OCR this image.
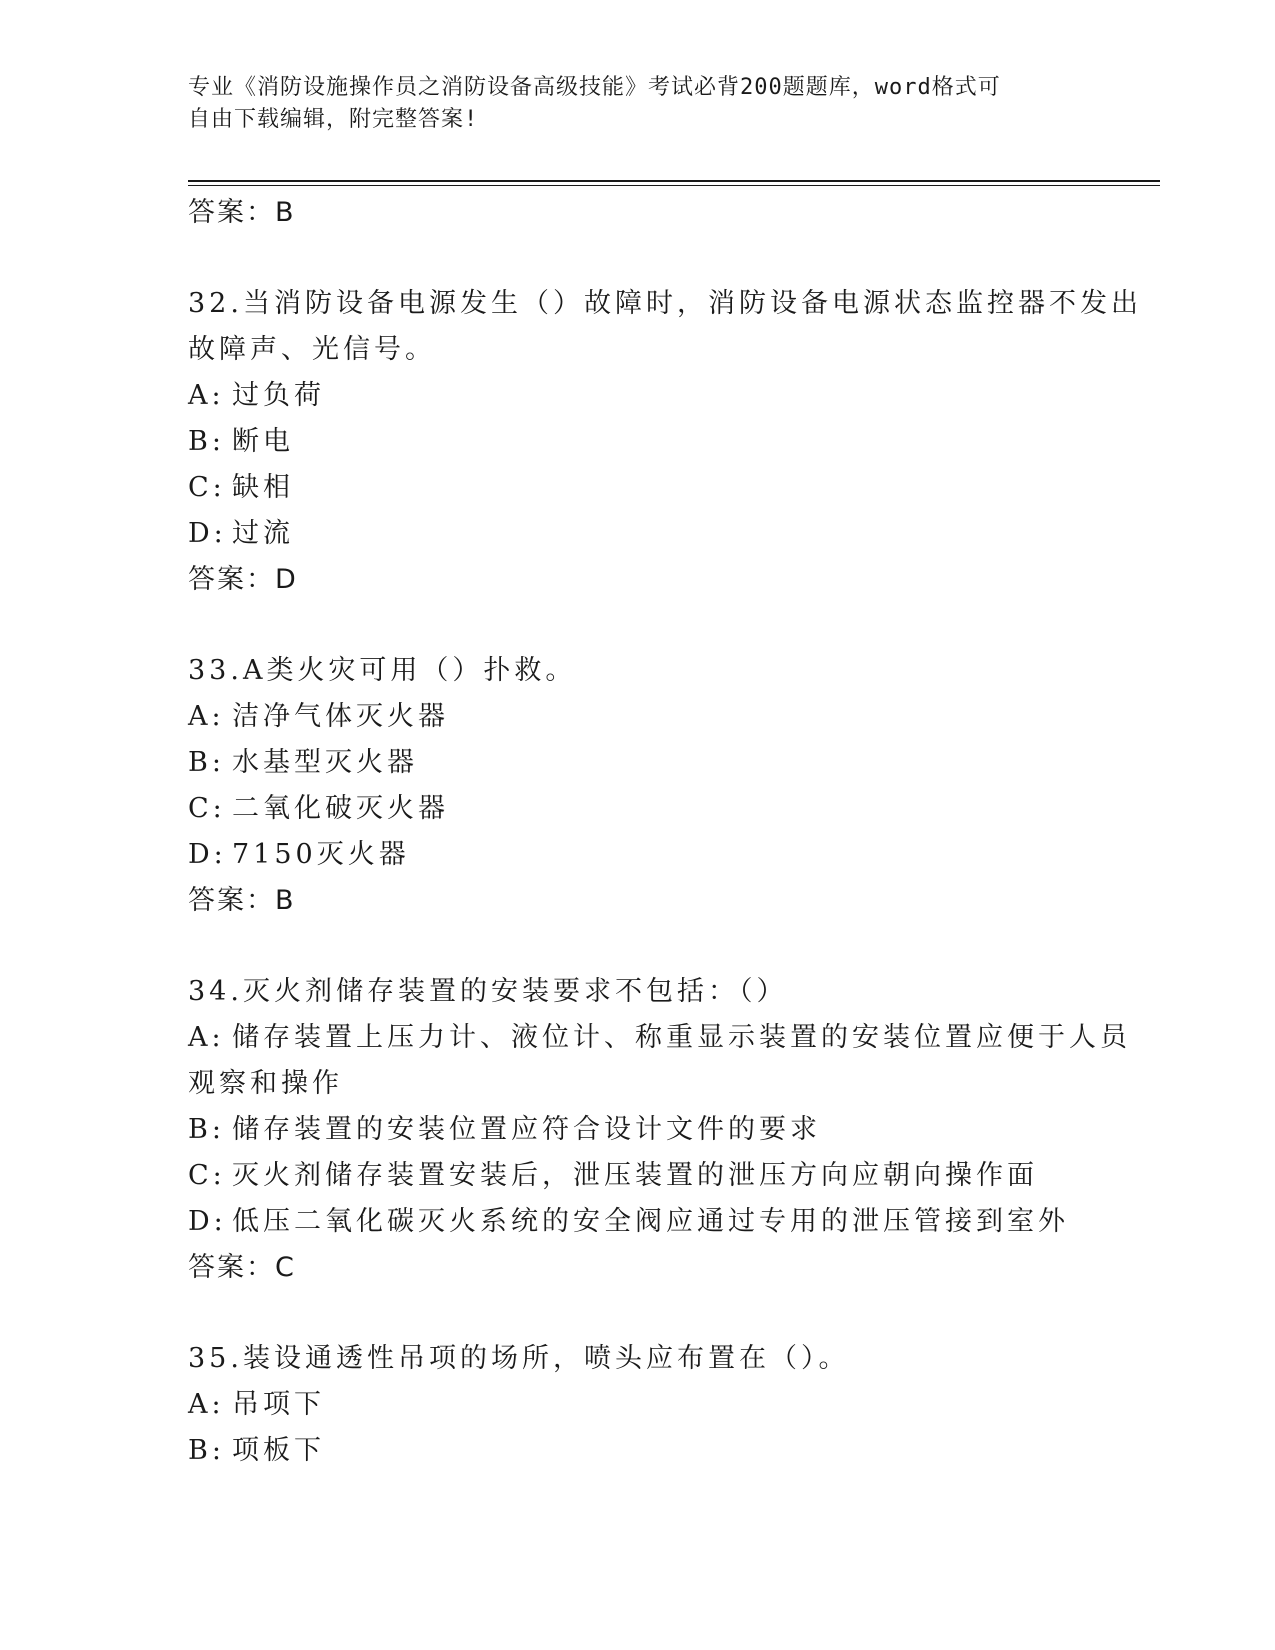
专业《消防设施操作员之消防设备高级技能》考试必背200题题库，word格式可
自由下载编辑，附完整答案!
答案：B
32.当消防设备电源发生（）故障时，消防设备电源状态监控器不发出
故障声、光信号。
A: 过负荷
B: 断电
C: 缺相
D: 过流
答案：D
33.A类火灾可用（）扑救。
A: 洁净气体灭火器
B: 水基型灭火器
C: 二氧化破灭火器
D: 7150灭火器
答案：B
34.灭火剂储存装置的安装要求不包括：（）
A: 储存装置上压力计、液位计、称重显示装置的安装位置应便于人员
观察和操作
B: 储存装置的安装位置应符合设计文件的要求
C: 灭火剂储存装置安装后，泄压装置的泄压方向应朝向操作面
D: 低压二氧化碳灭火系统的安全阀应通过专用的泄压管接到室外
答案：C
35.装设通透性吊项的场所，喷头应布置在（）。
A: 吊项下
B: 项板下
